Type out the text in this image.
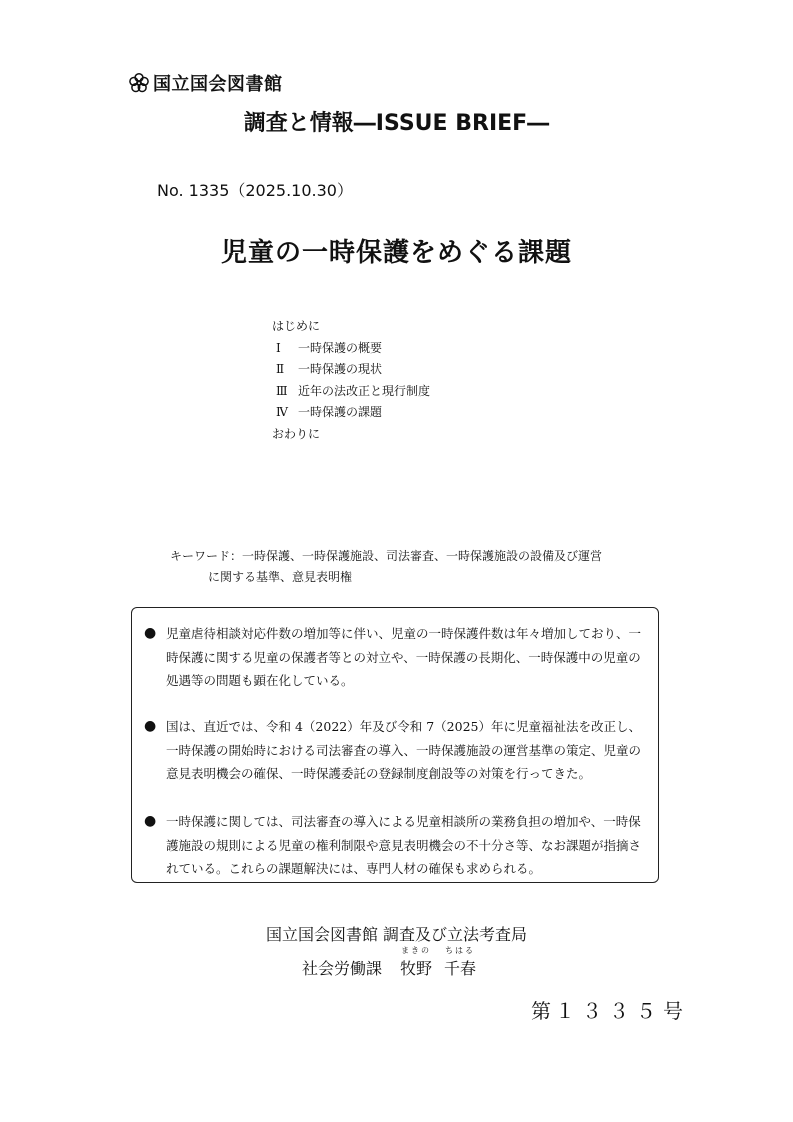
国立国会図書館
調査と情報―ISSUE BRIEF―
No. 1335（2025.10.30）
児童の一時保護をめぐる課題
はじめに
Ⅰ 一時保護の概要
Ⅱ 一時保護の現状
Ⅲ 近年の法改正と現行制度
Ⅳ 一時保護の課題
おわりに
キーワード：一時保護、一時保護施設、司法審査、一時保護施設の設備及び運営
に関する基準、意見表明権
● 児童虐待相談対応件数の増加等に伴い、児童の一時保護件数は年々増加しており、一時保護に関する児童の保護者等との対立や、一時保護の長期化、一時保護中の児童の処遇等の問題も顕在化している。
● 国は、直近では、令和 4（2022）年及び令和 7（2025）年に児童福祉法を改正し、一時保護の開始時における司法審査の導入、一時保護施設の運営基準の策定、児童の意見表明機会の確保、一時保護委託の登録制度創設等の対策を行ってきた。
● 一時保護に関しては、司法審査の導入による児童相談所の業務負担の増加や、一時保護施設の規則による児童の権利制限や意見表明機会の不十分さ等、なお課題が指摘されている。これらの課題解決には、専門人材の確保も求められる。
国立国会図書館 調査及び立法考査局
社会労働課
まきの
牧野
ちはる
千春
第 １３３５号
